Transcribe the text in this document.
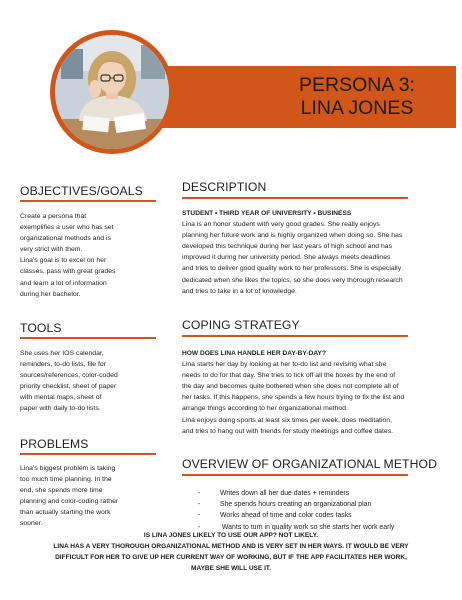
PERSONA 3:
LINA JONES
OBJECTIVES/GOALS
Create a persona that
exemplifies a user who has set
organizational methods and is
very strict with them.
Lina’s goal is to excel on her
classes, pass with great grades
and learn a lot of information
during her bachelor.
DESCRIPTION
STUDENT • THIRD YEAR OF UNIVERSITY • BUSINESS
Lina is an honor student with very good grades. She really enjoys
planning her future work and is highly organized when doing so. She has
developed this technique during her last years of high school and has
improved it during her university period. She always meets deadlines
and tries to deliver good quality work to her professors. She is especially
dedicated when she likes the topics, so she does very thorough research
and tries to take in a lot of knowledge.
TOOLS
She uses her IOS calendar,
reminders, to-do lists, file for
sources/references, color-coded
priority checklist, sheet of paper
with mental maps, sheet of
paper with daily to-do lists.
COPING STRATEGY
HOW DOES LINA HANDLE HER DAY-BY-DAY?
Lina starts her day by looking at her to-do list and revising what she
needs to do for that day. She tries to tick off all the boxes by the end of
the day and becomes quite bothered when she does not complete all of
her tasks. If this happens, she spends a few hours trying to fix the list and
arrange things according to her organizational method.
Lina enjoys doing sports at least six times per week, does meditation,
and tries to hang out with friends for study meetings and coffee dates.
PROBLEMS
Lina’s biggest problem is taking
too much time planning. In the
end, she spends more time
planning and color-coding rather
than actually starting the work
sooner.
OVERVIEW OF ORGANIZATIONAL METHOD
-	Writes down all her due dates + reminders
-	She spends hours creating an organizational plan
-	Works ahead of time and color codes tasks
-	Wants to turn in quality work so she starts her work early
IS LINA JONES LIKELY TO USE OUR APP? NOT LIKELY.
LINA HAS A VERY THOROUGH ORGANIZATIONAL METHOD AND IS VERY SET IN HER WAYS. IT WOULD BE VERY
DIFFICULT FOR HER TO GIVE UP HER CURRENT WAY OF WORKING, BUT IF THE APP FACILITATES HER WORK,
MAYBE SHE WILL USE IT.
